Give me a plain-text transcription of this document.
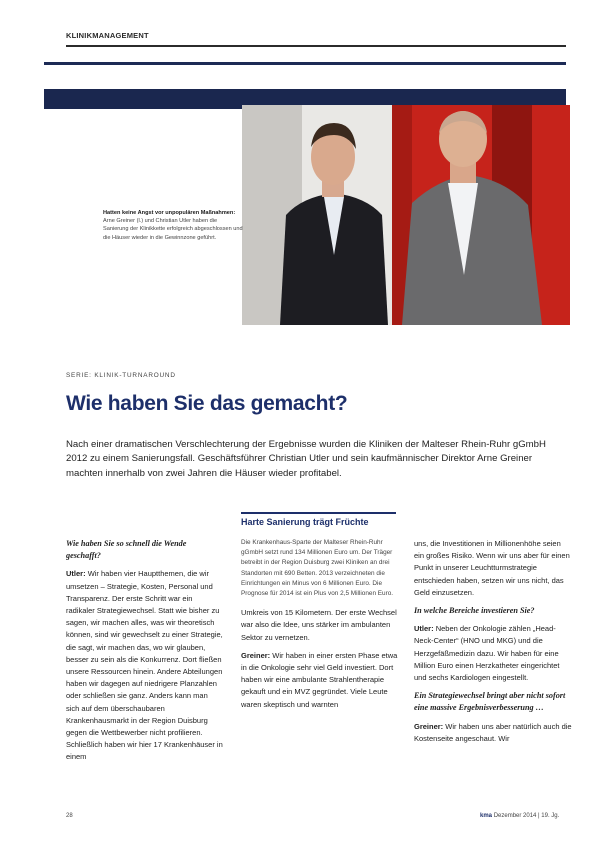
KLINIKMANAGEMENT
Hatten keine Angst vor unpopulären Maßnahmen: Arne Greiner (l.) und Christian Utler haben die Sanierung der Klinikkette erfolgreich abgeschlossen und die Häuser wieder in die Gewinnzone geführt.
SERIE: KLINIK-TURNAROUND
Wie haben Sie das gemacht?
Nach einer dramatischen Verschlechterung der Ergebnisse wurden die Kliniken der Malteser Rhein-Ruhr gGmbH 2012 zu einem Sanierungsfall. Geschäftsführer Christian Utler und sein kaufmännischer Direktor Arne Greiner machten innerhalb von zwei Jahren die Häuser wieder profitabel.

Wie haben Sie so schnell die Wende geschafft?

Utler: Wir haben vier Hauptthemen, die wir umsetzen – Strategie, Kosten, Personal und Transparenz. Der erste Schritt war ein radikaler Strategiewechsel. Statt wie bisher zu sagen, wir machen alles, was wir theoretisch können, sind wir gewechselt zu einer Strategie, die sagt, wir machen das, wo wir glauben, besser zu sein als die Konkurrenz. Dort fließen unsere Ressourcen hinein. Andere Abteilungen haben wir dagegen auf niedrigere Planzahlen oder schließen sie ganz. Anders kann man sich auf dem überschaubaren Krankenhausmarkt in der Region Duisburg gegen die Wettbewerber nicht profilieren. Schließlich haben wir hier 17 Krankenhäuser in einem

Harte Sanierung trägt Früchte
Die Krankenhaus-Sparte der Malteser Rhein-Ruhr gGmbH setzt rund 134 Millionen Euro um. Der Träger betreibt in der Region Duisburg zwei Kliniken an drei Standorten mit 690 Betten. 2013 verzeichneten die Einrichtungen ein Minus von 6 Millionen Euro. Die Prognose für 2014 ist ein Plus von 2,5 Millionen Euro.

Umkreis von 15 Kilometern. Der erste Wechsel war also die Idee, uns stärker im ambulanten Sektor zu vernetzen.

Greiner: Wir haben in einer ersten Phase etwa in die Onkologie sehr viel Geld investiert. Dort haben wir eine ambulante Strahlentherapie gekauft und ein MVZ gegründet. Viele Leute waren skeptisch und warnten

uns, die Investitionen in Millionenhöhe seien ein großes Risiko. Wenn wir uns aber für einen Punkt in unserer Leuchtturmstrategie entschieden haben, setzen wir uns nicht, das Geld einzusetzen.

In welche Bereiche investieren Sie?

Utler: Neben der Onkologie zählen „Head-Neck-Center“ (HNO und MKG) und die Herzgefäßmedizin dazu. Wir haben für eine Million Euro einen Herzkatheter eingerichtet und sechs Kardiologen eingestellt.

Ein Strategiewechsel bringt aber nicht sofort eine massive Ergebnisverbesserung …

Greiner: Wir haben uns aber natürlich auch die Kostenseite angeschaut. Wir

28	kma Dezember 2014 | 19. Jg.
